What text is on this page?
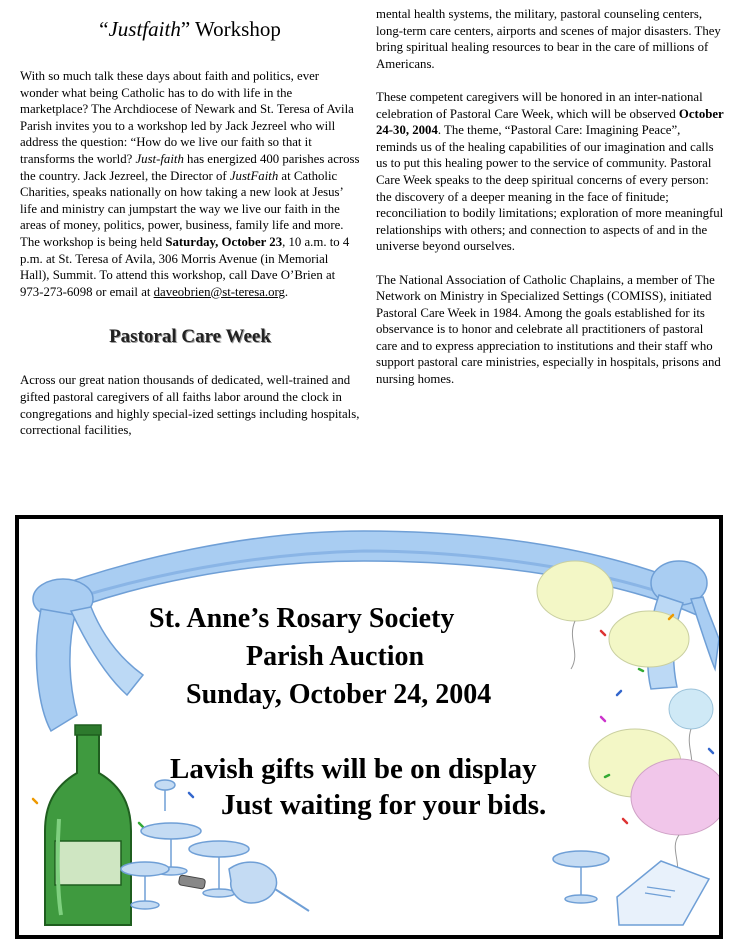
“Justfaith” Workshop

With so much talk these days about faith and politics, ever wonder what being Catholic has to do with life in the marketplace? The Archdiocese of Newark and St. Teresa of Avila Parish invites you to a workshop led by Jack Jezreel who will address the question: “How do we live our faith so that it transforms the world? Just-faith has energized 400 parishes across the country. Jack Jezreel, the Director of JustFaith at Catholic Charities, speaks nationally on how taking a new look at Jesus’ life and ministry can jumpstart the way we live our faith in the areas of money, politics, power, business, family life and more. The workshop is being held Saturday, October 23, 10 a.m. to 4 p.m. at St. Teresa of Avila, 306 Morris Avenue (in Memorial Hall), Summit. To attend this workshop, call Dave O’Brien at 973-273-6098 or email at daveobrien@st-teresa.org.

Pastoral Care Week

Across our great nation thousands of dedicated, well-trained and gifted pastoral caregivers of all faiths labor around the clock in congregations and highly special-ized settings including hospitals, correctional facilities,

mental health systems, the military, pastoral counseling centers, long-term care centers, airports and scenes of major disasters. They bring spiritual healing resources to bear in the care of millions of Americans.

These competent caregivers will be honored in an inter-national celebration of Pastoral Care Week, which will be observed October 24-30, 2004. The theme, “Pastoral Care: Imagining Peace”, reminds us of the healing capabilities of our imagination and calls us to put this healing power to the service of community. Pastoral Care Week speaks to the deep spiritual concerns of every person: the discovery of a deeper meaning in the face of finitude; reconciliation to bodily limitations; exploration of more meaningful relationships with others; and connection to aspects of and in the universe beyond ourselves.

The National Association of Catholic Chaplains, a member of The Network on Ministry in Specialized Settings (COMISS), initiated Pastoral Care Week in 1984. Among the goals established for its observance is to honor and celebrate all practitioners of pastoral care and to express appreciation to institutions and their staff who support pastoral care ministries, especially in hospitals, prisons and nursing homes.

St. Anne’s Rosary Society
Parish Auction
Sunday, October 24, 2004
Lavish gifts will be on display
Just waiting for your bids.
